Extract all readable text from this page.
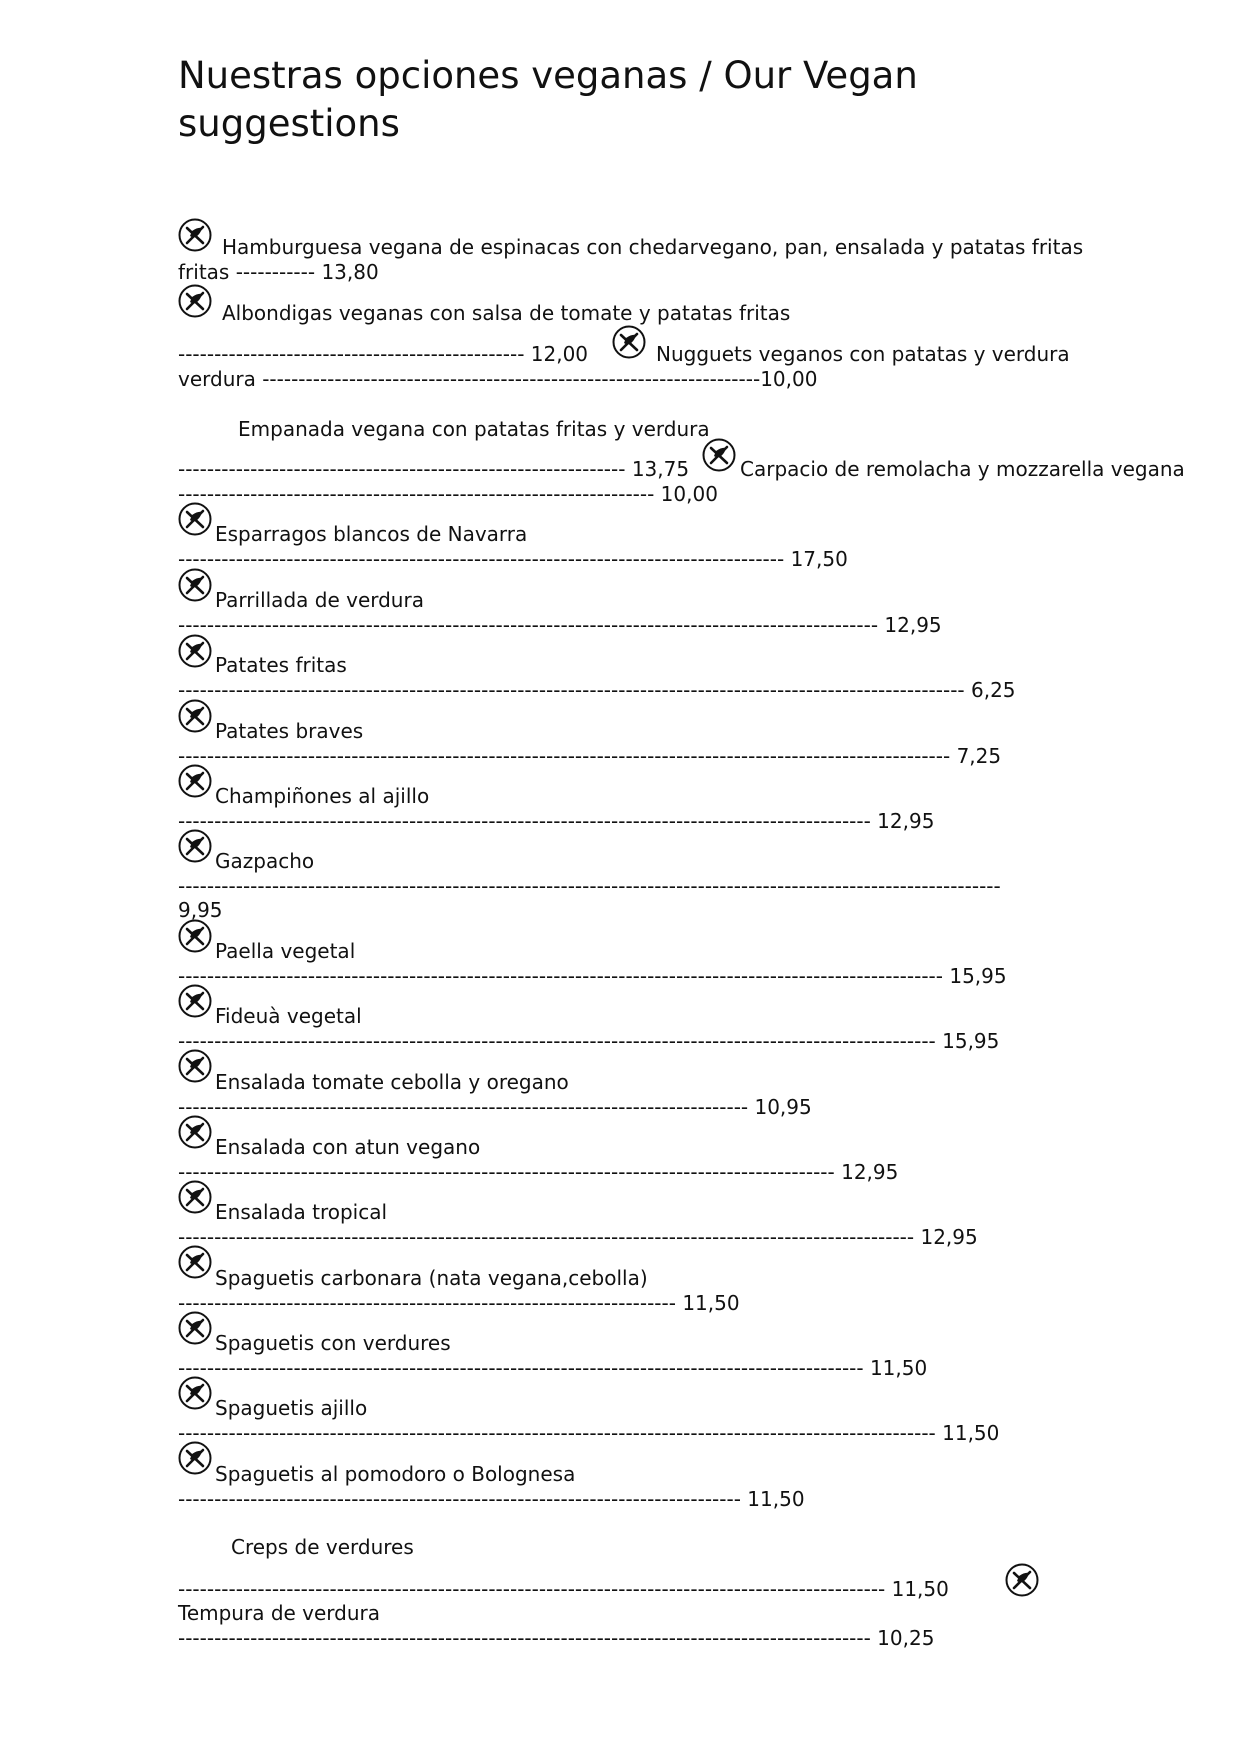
Nuestras opciones veganas / Our Vegan suggestions
Hamburguesa vegana de espinacas con chedarvegano, pan, ensalada y patatas fritas
fritas ----------- 13,80
Albondigas veganas con salsa de tomate y patatas fritas
------------------------------------------------ 12,00	Nugguets veganos con patatas y verdura
verdura ---------------------------------------------------------------------10,00
Empanada vegana con patatas fritas y verdura
-------------------------------------------------------------- 13,75	Carpacio de remolacha y mozzarella vegana
------------------------------------------------------------------ 10,00
Esparragos blancos de Navarra
------------------------------------------------------------------------------------ 17,50
Parrillada de verdura
------------------------------------------------------------------------------------------------- 12,95
Patates fritas
------------------------------------------------------------------------------------------------------------- 6,25
Patates braves
----------------------------------------------------------------------------------------------------------- 7,25
Champiñones al ajillo
------------------------------------------------------------------------------------------------ 12,95
Gazpacho
------------------------------------------------------------------------------------------------------------------
9,95
Paella vegetal
---------------------------------------------------------------------------------------------------------- 15,95
Fideuà vegetal
--------------------------------------------------------------------------------------------------------- 15,95
Ensalada tomate cebolla y oregano
------------------------------------------------------------------------------- 10,95
Ensalada con atun vegano
------------------------------------------------------------------------------------------- 12,95
Ensalada tropical
------------------------------------------------------------------------------------------------------ 12,95
Spaguetis carbonara (nata vegana,cebolla)
--------------------------------------------------------------------- 11,50
Spaguetis con verdures
----------------------------------------------------------------------------------------------- 11,50
Spaguetis ajillo
--------------------------------------------------------------------------------------------------------- 11,50
Spaguetis al pomodoro o Bolognesa
------------------------------------------------------------------------------ 11,50
Creps de verdures
-------------------------------------------------------------------------------------------------- 11,50
Tempura de verdura
------------------------------------------------------------------------------------------------ 10,25
